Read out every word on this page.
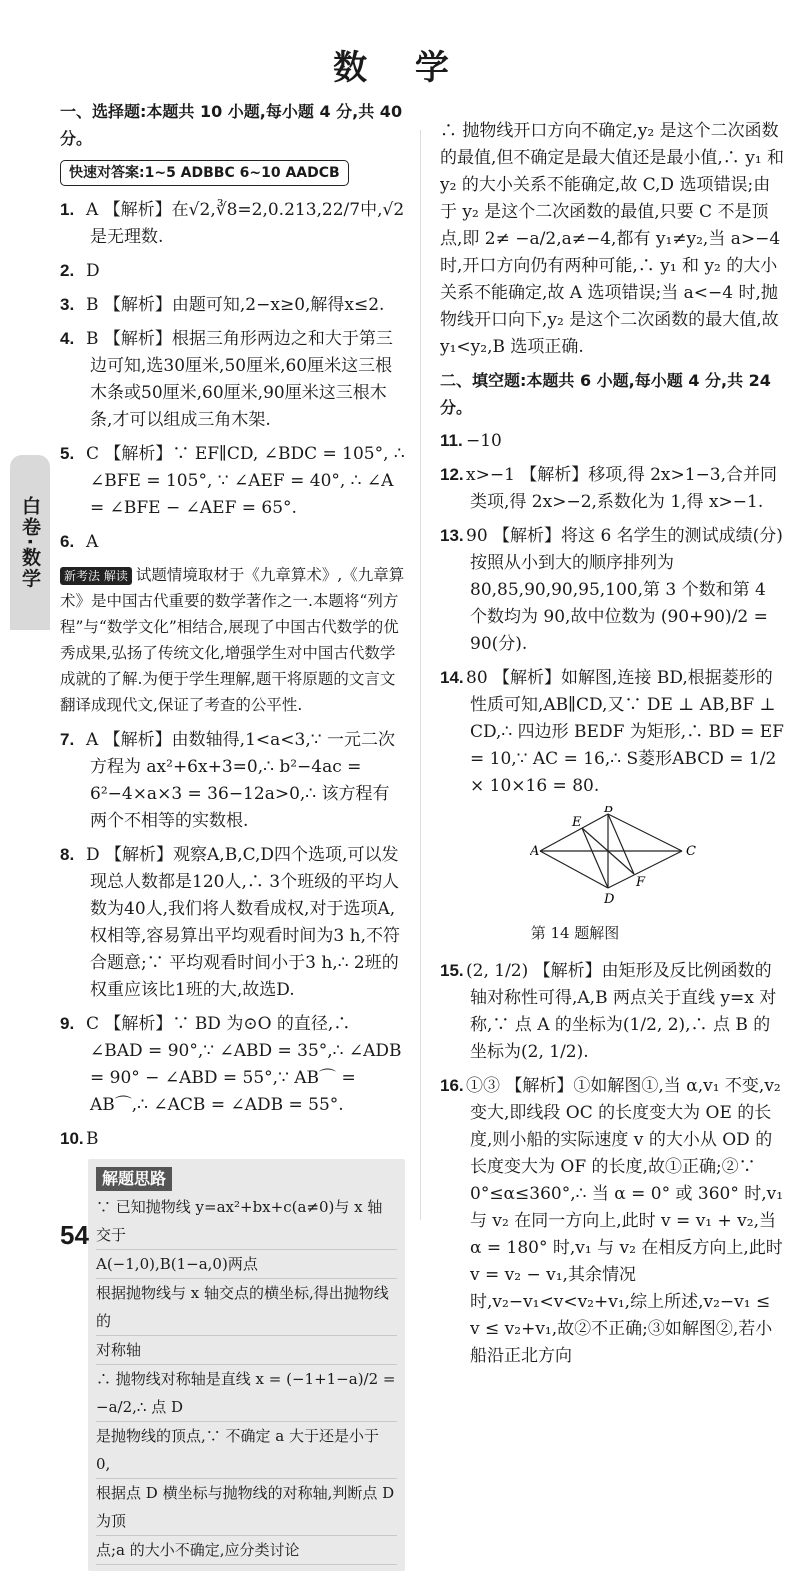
数 学
白卷·数学
一、选择题:本题共 10 小题,每小题 4 分,共 40 分。
快速对答案:1~5 ADBBC 6~10 AADCB
1. A 【解析】在√2,∛8=2,0.213,22/7中,√2是无理数.
2. D
3. B 【解析】由题可知,2−x≥0,解得x≤2.
4. B 【解析】根据三角形两边之和大于第三边可知,选30厘米,50厘米,60厘米这三根木条或50厘米,60厘米,90厘米这三根木条,才可以组成三角木架.
5. C 【解析】∵ EF∥CD, ∠BDC = 105°, ∴ ∠BFE = 105°, ∵ ∠AEF = 40°, ∴ ∠A = ∠BFE − ∠AEF = 65°.
6. A
新考法 解读 试题情境取材于《九章算术》,《九章算术》是中国古代重要的数学著作之一.本题将“列方程”与“数学文化”相结合,展现了中国古代数学的优秀成果,弘扬了传统文化,增强学生对中国古代数学成就的了解.为便于学生理解,题干将原题的文言文翻译成现代文,保证了考查的公平性.
7. A 【解析】由数轴得,1<a<3,∵ 一元二次方程为 ax²+6x+3=0,∴ b²−4ac = 6²−4×a×3 = 36−12a>0,∴ 该方程有两个不相等的实数根.
8. D 【解析】观察A,B,C,D四个选项,可以发现总人数都是120人,∴ 3个班级的平均人数为40人,我们将人数看成权,对于选项A,权相等,容易算出平均观看时间为3 h,不符合题意;∵ 平均观看时间小于3 h,∴ 2班的权重应该比1班的大,故选D.
9. C 【解析】∵ BD 为⊙O 的直径,∴ ∠BAD = 90°,∵ ∠ABD = 35°,∴ ∠ADB = 90° − ∠ABD = 55°,∵ AB⌒ = AB⌒,∴ ∠ACB = ∠ADB = 55°.
10. B
解题思路
∵ 已知抛物线 y=ax²+bx+c(a≠0)与 x 轴交于
A(−1,0),B(1−a,0)两点
根据抛物线与 x 轴交点的横坐标,得出抛物线的
对称轴
∴ 抛物线对称轴是直线 x = (−1+1−a)/2 = −a/2,∴ 点 D
是抛物线的顶点,∵ 不确定 a 大于还是小于 0,
根据点 D 横坐标与抛物线的对称轴,判断点 D 为顶
点;a 的大小不确定,应分类讨论
∴ 抛物线开口方向不确定,y₂ 是这个二次函数的最值,但不确定是最大值还是最小值,∴ y₁ 和 y₂ 的大小关系不能确定,故 C,D 选项错误;由于 y₂ 是这个二次函数的最值,只要 C 不是顶点,即 2≠ −a/2,a≠−4,都有 y₁≠y₂,当 a>−4 时,开口方向仍有两种可能,∴ y₁ 和 y₂ 的大小关系不能确定,故 A 选项错误;当 a<−4 时,抛物线开口向下,y₂ 是这个二次函数的最大值,故 y₁<y₂,B 选项正确.
二、填空题:本题共 6 小题,每小题 4 分,共 24 分。
11. −10
12. x>−1 【解析】移项,得 2x>1−3,合并同类项,得 2x>−2,系数化为 1,得 x>−1.
13. 90 【解析】将这 6 名学生的测试成绩(分)按照从小到大的顺序排列为 80,85,90,90,95,100,第 3 个数和第 4 个数均为 90,故中位数为 (90+90)/2 = 90(分).
14. 80 【解析】如解图,连接 BD,根据菱形的性质可知,AB∥CD,又∵ DE ⊥ AB,BF ⊥ CD,∴ 四边形 BEDF 为矩形,∴ BD = EF = 10,∵ AC = 16,∴ S菱形ABCD = 1/2 × 10×16 = 80.
B
A	C
D
E
F
第 14 题解图
15. (2, 1/2) 【解析】由矩形及反比例函数的轴对称性可得,A,B 两点关于直线 y=x 对称,∵ 点 A 的坐标为(1/2, 2),∴ 点 B 的坐标为(2, 1/2).
16. ①③ 【解析】①如解图①,当 α,v₁ 不变,v₂ 变大,即线段 OC 的长度变大为 OE 的长度,则小船的实际速度 v 的大小从 OD 的长度变大为 OF 的长度,故①正确;②∵ 0°≤α≤360°,∴ 当 α = 0° 或 360° 时,v₁ 与 v₂ 在同一方向上,此时 v = v₁ + v₂,当 α = 180° 时,v₁ 与 v₂ 在相反方向上,此时 v = v₂ − v₁,其余情况时,v₂−v₁<v<v₂+v₁,综上所述,v₂−v₁ ≤ v ≤ v₂+v₁,故②不正确;③如解图②,若小船沿正北方向
54
